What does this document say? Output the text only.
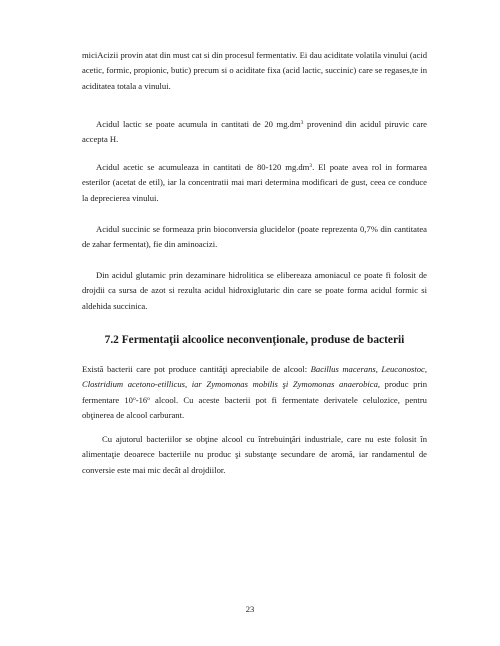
miciAcizii provin atat din must cat si din procesul fermentativ. Ei dau aciditate volatila vinului (acid acetic, formic, propionic, butic) precum si o aciditate fixa (acid lactic, succinic) care se regases,te in aciditatea totala a vinului.

Acidul lactic se poate acumula in cantitati de 20 $mg.dm^3$ provenind din acidul piruvic care accepta H.

Acidul acetic se acumuleaza in cantitati de 80-120 $mg.dm^3$. El poate avea rol in formarea esterilor (acetat de etil), iar la concentratii mai mari determina modificari de gust, ceea ce conduce la deprecierea vinului.

Acidul succinic se formeaza prin bioconversia glucidelor (poate reprezenta 0,7% din cantitatea de zahar fermentat), fie din aminoacizi.

Din acidul glutamic prin dezaminare hidrolitica se elibereaza amoniacul ce poate fi folosit de drojdii ca sursa de azot si rezulta acidul hidroxiglutaric din care se poate forma acidul formic si aldehida succinica.

7.2 Fermentaţii alcoolice neconvenţionale, produse de bacterii

Există bacterii care pot produce cantităţi apreciabile de alcool: Bacillus macerans, Leuconostoc, Clostridium acetono-etillicus, iar Zymomonas mobilis şi Zymomonas anaerobica, produc prin fermentare 10$^o$-16$^o$ alcool. Cu aceste bacterii pot fi fermentate derivatele celulozice, pentru obţinerea de alcool carburant.

Cu ajutorul bacteriilor se obţine alcool cu întrebuinţări industriale, care nu este folosit în alimentaţie deoarece bacteriile nu produc şi substanţe secundare de aromă, iar randamentul de conversie este mai mic decât al drojdiilor.

23
